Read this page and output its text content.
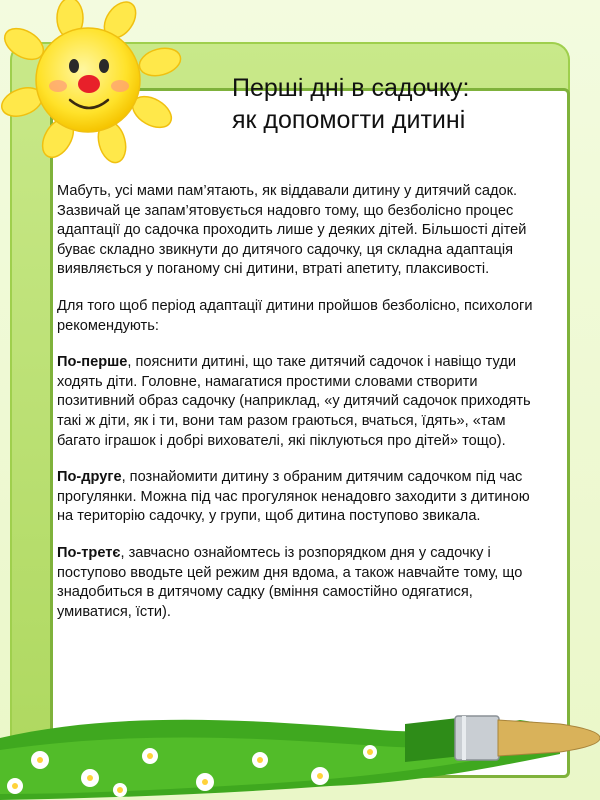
Перші дні в садочку:
як допомогти дитині

Мабуть, усі мами пам’ятають, як віддавали дитину у дитячий садок. Зазвичай це запам’ятовується надовго тому, що безболісно процес адаптації до садочка проходить лише у деяких дітей. Більшості дітей буває складно звикнути до дитячого садочку, ця складна адаптація виявляється у поганому сні дитини, втраті апетиту, плаксивості.

Для того щоб період адаптації дитини пройшов безболісно, психологи рекомендують:

По-перше, пояснити дитині, що таке дитячий садочок і навіщо туди ходять діти. Головне, намагатися простими словами створити позитивний образ садочку (наприклад, «у дитячий садочок приходять такі ж діти, як і ти, вони там разом граються, вчаться, їдять», «там багато іграшок і добрі вихователі, які піклуються про дітей» тощо).

По-друге, познайомити дитину з обраним дитячим садочком під час прогулянки. Можна під час прогулянок ненадовго заходити з дитиною на територію садочку, у групи, щоб дитина поступово звикала.

По-третє, завчасно ознайомтесь із розпорядком дня у садочку і поступово вводьте цей режим дня вдома, а також навчайте тому, що знадобиться в дитячому садку (вміння самостійно одягатися, умиватися, їсти).
